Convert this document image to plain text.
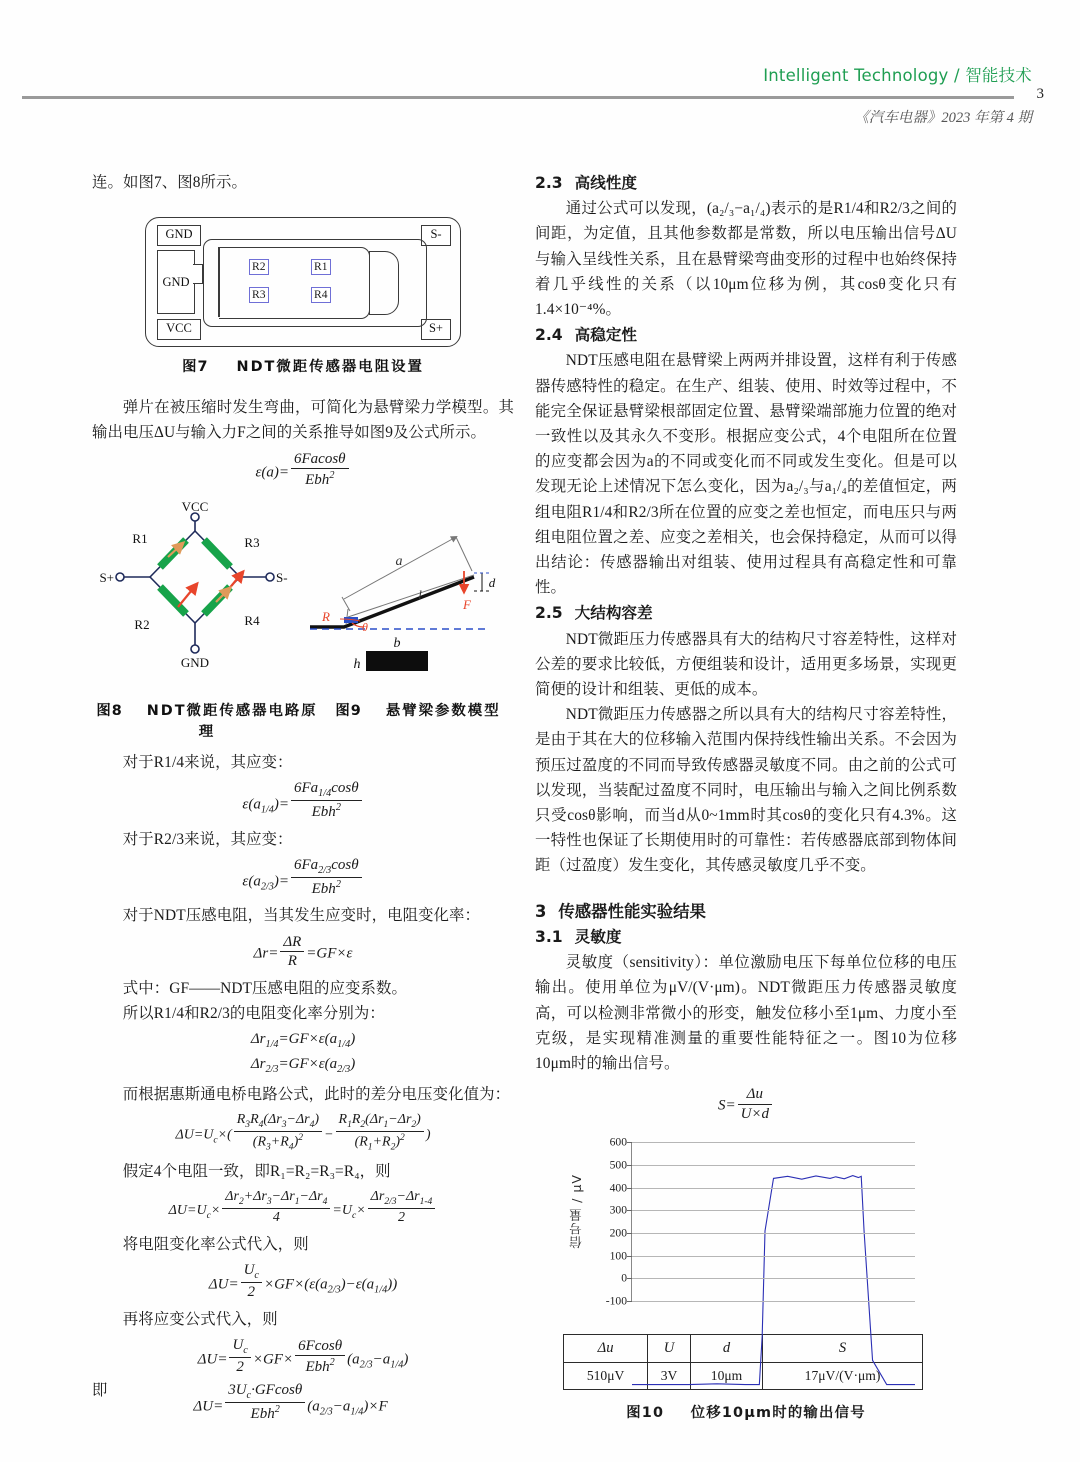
Intelligent Technology / 智能技术
3
《汽车电器》2023 年第 4 期

连。如图7、图8所示。

GND
VCC
S-
S+
GND
R2	R1
R3	R4
图7 NDT微距传感器电阻设置

弹片在被压缩时发生弯曲，可简化为悬臂梁力学模型。其输出电压ΔU与输入力F之间的关系推导如图9及公式所示。

$\varepsilon(a)= \frac{6Facos\theta}{Ebh^2}$
VCC
GND
S+	S-
R1	R3
R2	R4
a
l
d
F
R
θ
b
h
图8 NDT微距传感器电路原理
图9 悬臂梁参数模型

对于R1/4来说，其应变：

$\varepsilon(a_{1/4})= \frac{6Fa_{1/4}\cos\theta}{Ebh^2}$

对于R2/3来说，其应变：

$\varepsilon(a_{2/3})= \frac{6Fa_{2/3}\cos\theta}{Ebh^2}$

对于NDT压感电阻，当其发生应变时，电阻变化率：

$\Delta r= \frac{\Delta R}{R} =GF\times\varepsilon$

式中：GF——NDT压感电阻的应变系数。

所以R1/4和R2/3的电阻变化率分别为：

$\Delta r_{1/4}=GF\times\varepsilon(a_{1/4})$
$\Delta r_{2/3}=GF\times\varepsilon(a_{2/3})$

而根据惠斯通电桥电路公式，此时的差分电压变化值为：

$\Delta U=U_c\times( \frac{R_3R_4(\Delta r_3-\Delta r_4)}{(R_3+R_4)^2} - \frac{R_1R_2(\Delta r_1-\Delta r_2)}{(R_1+R_2)^2}$ )

假定4个电阻一致，即R₁=R₂=R₃=R₄，则

$\Delta U=U_c\times \frac{\Delta r_2+\Delta r_3-\Delta r_1-\Delta r_4}{4} =U_c\times \frac{\Delta r_{2/3}-\Delta r_{1-4}}{2}$

将电阻变化率公式代入，则

$\Delta U= \frac{U_c}{2} \times GF\times(\varepsilon(a_{2/3})-\varepsilon(a_{1/4}))$

再将应变公式代入，则

$\Delta U= \frac{U_c}{2} \times GF\times \frac{6Fcos\theta}{Ebh^2} (a_{2/3}-a_{1/4})$
即
$\Delta U= \frac{3U_c\cdot GFcos\theta}{Ebh^2} (a_{2/3}-a_{1/4})\times F$
2.3 高线性度

通过公式可以发现，(a₂/₃−a₁/₄)表示的是R1/4和R2/3之间的间距，为定值，且其他参数都是常数，所以电压输出信号ΔU与输入呈线性关系，且在悬臂梁弯曲变形的过程中也始终保持着几乎线性的关系（以10μm位移为例，其cosθ变化只有1.4×10⁻⁴%。

2.4 高稳定性

NDT压感电阻在悬臂梁上两两并排设置，这样有利于传感器传感特性的稳定。在生产、组装、使用、时效等过程中，不能完全保证悬臂梁根部固定位置、悬臂梁端部施力位置的绝对一致性以及其永久不变形。根据应变公式，4个电阻所在位置的应变都会因为a的不同或变化而不同或发生变化。但是可以发现无论上述情况下怎么变化，因为a₂/₃与a₁/₄的差值恒定，两组电阻R1/4和R2/3所在位置的应变之差也恒定，而电压只与两组电阻位置之差、应变之差相关，也会保持稳定，从而可以得出结论：传感器输出对组装、使用过程具有高稳定性和可靠性。

2.5 大结构容差

NDT微距压力传感器具有大的结构尺寸容差特性，这样对公差的要求比较低，方便组装和设计，适用更多场景，实现更简便的设计和组装、更低的成本。

NDT微距压力传感器之所以具有大的结构尺寸容差特性，是由于其在大的位移输入范围内保持线性输出关系。不会因为预压过盈度的不同而导致传感器灵敏度不同。由之前的公式可以发现，当装配过盈度不同时，电压输出与输入之间比例系数只受cosθ影响，而当d从0~1mm时其cosθ的变化只有4.3%。这一特性也保证了长期使用时的可靠性：若传感器底部到物体间距（过盈度）发生变化，其传感灵敏度几乎不变。

3 传感器性能实验结果
3.1 灵敏度

灵敏度（sensitivity）：单位激励电压下每单位位移的电压输出。使用单位为μV/(V·μm)。NDT微距压力传感器灵敏度高，可以检测非常微小的形变，触发位移小至1μm、力度小至克级，是实现精准测量的重要性能特征之一。图10为位移10μm时的输出信号。

$S= \frac{\Delta u}{U\times d}$
信号量 / μV
-100
0
100
200
300
400
500
600
Δu	U	d	S
510μV	3V	10μm	17μV/(V·μm)
图10 位移10μm时的输出信号
